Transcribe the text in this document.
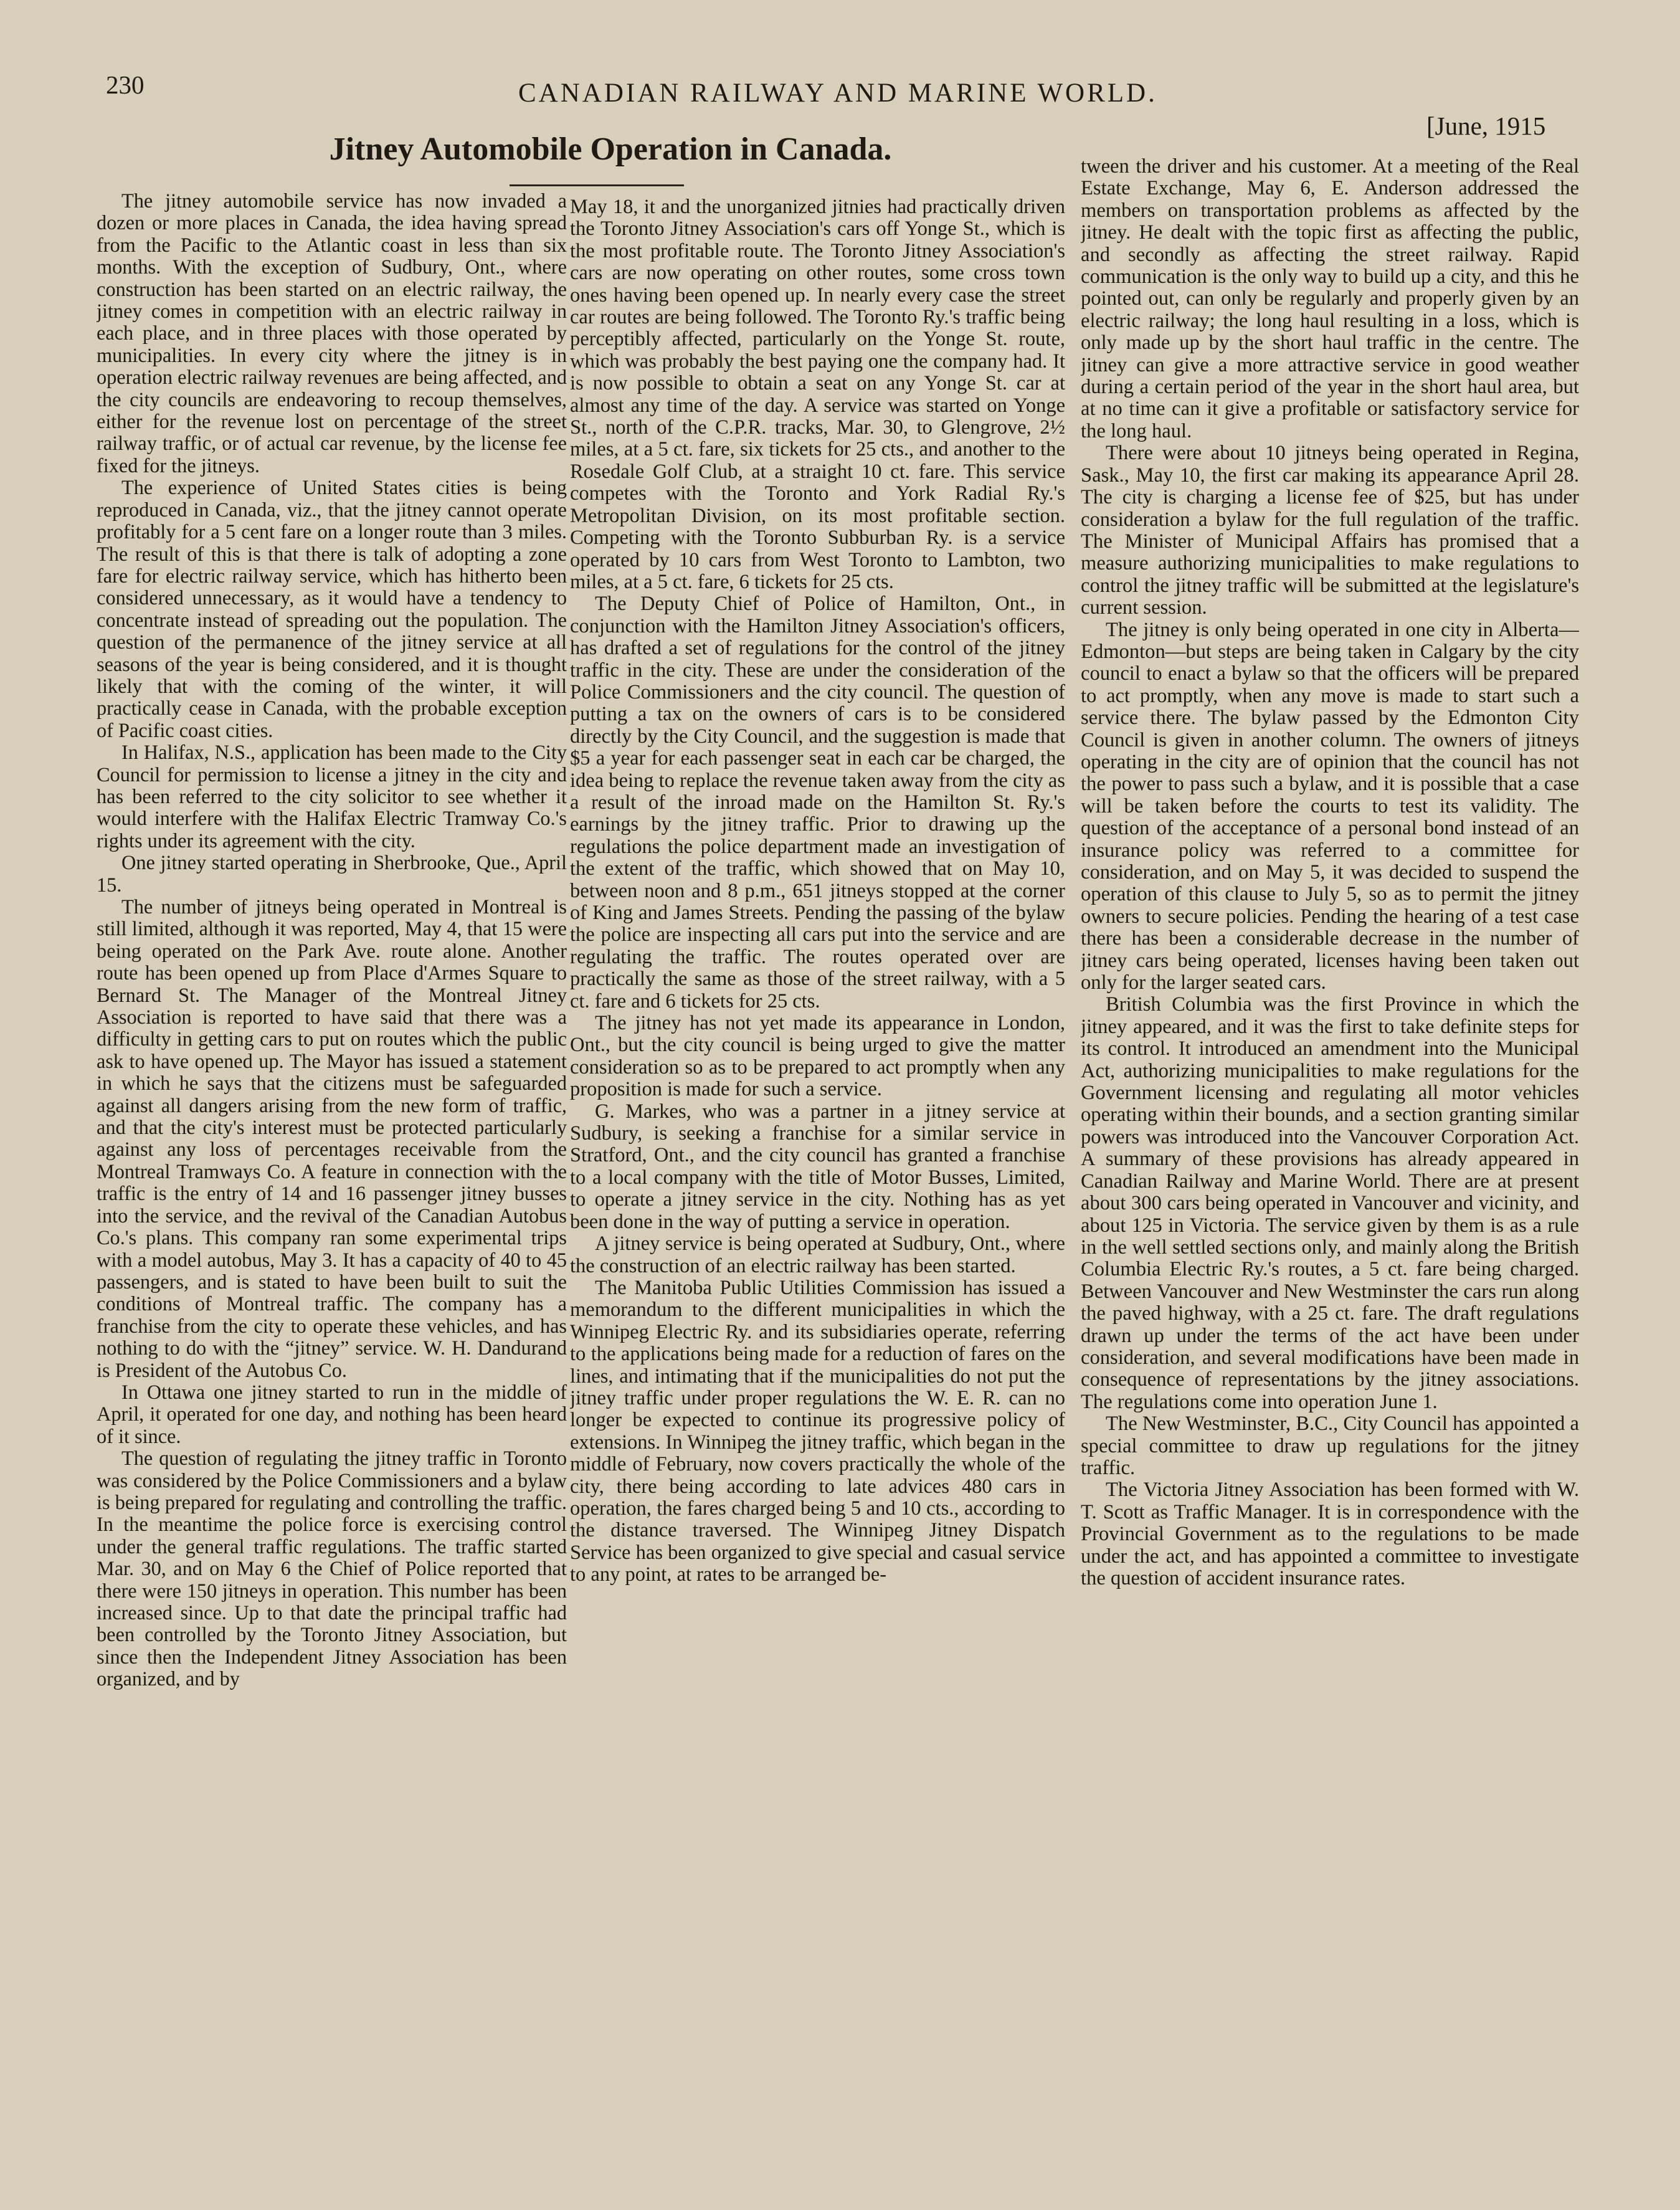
230	CANADIAN RAILWAY AND MARINE WORLD.
[June, 1915
Jitney Automobile Operation in Canada.

The jitney automobile service has now invaded a dozen or more places in Canada, the idea having spread from the Pacific to the Atlantic coast in less than six months. With the exception of Sudbury, Ont., where construction has been started on an electric railway, the jitney comes in competition with an electric railway in each place, and in three places with those operated by municipalities. In every city where the jitney is in operation electric railway revenues are being affected, and the city councils are endeavoring to recoup themselves, either for the revenue lost on percentage of the street railway traffic, or of actual car revenue, by the license fee fixed for the jitneys.

The experience of United States cities is being reproduced in Canada, viz., that the jitney cannot operate profitably for a 5 cent fare on a longer route than 3 miles. The result of this is that there is talk of adopting a zone fare for electric railway service, which has hitherto been considered unnecessary, as it would have a tendency to concentrate instead of spreading out the population. The question of the permanence of the jitney service at all seasons of the year is being considered, and it is thought likely that with the coming of the winter, it will practically cease in Canada, with the probable exception of Pacific coast cities.

In Halifax, N.S., application has been made to the City Council for permission to license a jitney in the city and has been referred to the city solicitor to see whether it would interfere with the Halifax Electric Tramway Co.'s rights under its agreement with the city.

One jitney started operating in Sherbrooke, Que., April 15.

The number of jitneys being operated in Montreal is still limited, although it was reported, May 4, that 15 were being operated on the Park Ave. route alone. Another route has been opened up from Place d'Armes Square to Bernard St. The Manager of the Montreal Jitney Association is reported to have said that there was a difficulty in getting cars to put on routes which the public ask to have opened up. The Mayor has issued a statement in which he says that the citizens must be safeguarded against all dangers arising from the new form of traffic, and that the city's interest must be protected particularly against any loss of percentages receivable from the Montreal Tramways Co. A feature in connection with the traffic is the entry of 14 and 16 passenger jitney busses into the service, and the revival of the Canadian Autobus Co.'s plans. This company ran some experimental trips with a model autobus, May 3. It has a capacity of 40 to 45 passengers, and is stated to have been built to suit the conditions of Montreal traffic. The company has a franchise from the city to operate these vehicles, and has nothing to do with the “jitney” service. W. H. Dandurand is President of the Autobus Co.

In Ottawa one jitney started to run in the middle of April, it operated for one day, and nothing has been heard of it since.

The question of regulating the jitney traffic in Toronto was considered by the Police Commissioners and a bylaw is being prepared for regulating and controlling the traffic. In the meantime the police force is exercising control under the general traffic regulations. The traffic started Mar. 30, and on May 6 the Chief of Police reported that there were 150 jitneys in operation. This number has been increased since. Up to that date the principal traffic had been controlled by the Toronto Jitney Association, but since then the Independent Jitney Association has been organized, and by

May 18, it and the unorganized jitnies had practically driven the Toronto Jitney Association's cars off Yonge St., which is the most profitable route. The Toronto Jitney Association's cars are now operating on other routes, some cross town ones having been opened up. In nearly every case the street car routes are being followed. The Toronto Ry.'s traffic being perceptibly affected, particularly on the Yonge St. route, which was probably the best paying one the company had. It is now possible to obtain a seat on any Yonge St. car at almost any time of the day. A service was started on Yonge St., north of the C.P.R. tracks, Mar. 30, to Glengrove, 2½ miles, at a 5 ct. fare, six tickets for 25 cts., and another to the Rosedale Golf Club, at a straight 10 ct. fare. This service competes with the Toronto and York Radial Ry.'s Metropolitan Division, on its most profitable section. Competing with the Toronto Subburban Ry. is a service operated by 10 cars from West Toronto to Lambton, two miles, at a 5 ct. fare, 6 tickets for 25 cts.

The Deputy Chief of Police of Hamilton, Ont., in conjunction with the Hamilton Jitney Association's officers, has drafted a set of regulations for the control of the jitney traffic in the city. These are under the consideration of the Police Commissioners and the city council. The question of putting a tax on the owners of cars is to be considered directly by the City Council, and the suggestion is made that $5 a year for each passenger seat in each car be charged, the idea being to replace the revenue taken away from the city as a result of the inroad made on the Hamilton St. Ry.'s earnings by the jitney traffic. Prior to drawing up the regulations the police department made an investigation of the extent of the traffic, which showed that on May 10, between noon and 8 p.m., 651 jitneys stopped at the corner of King and James Streets. Pending the passing of the bylaw the police are inspecting all cars put into the service and are regulating the traffic. The routes operated over are practically the same as those of the street railway, with a 5 ct. fare and 6 tickets for 25 cts.

The jitney has not yet made its appearance in London, Ont., but the city council is being urged to give the matter consideration so as to be prepared to act promptly when any proposition is made for such a service.

G. Markes, who was a partner in a jitney service at Sudbury, is seeking a franchise for a similar service in Stratford, Ont., and the city council has granted a franchise to a local company with the title of Motor Busses, Limited, to operate a jitney service in the city. Nothing has as yet been done in the way of putting a service in operation.

A jitney service is being operated at Sudbury, Ont., where the construction of an electric railway has been started.

The Manitoba Public Utilities Commission has issued a memorandum to the different municipalities in which the Winnipeg Electric Ry. and its subsidiaries operate, referring to the applications being made for a reduction of fares on the lines, and intimating that if the municipalities do not put the jitney traffic under proper regulations the W. E. R. can no longer be expected to continue its progressive policy of extensions. In Winnipeg the jitney traffic, which began in the middle of February, now covers practically the whole of the city, there being according to late advices 480 cars in operation, the fares charged being 5 and 10 cts., according to the distance traversed. The Winnipeg Jitney Dispatch Service has been organized to give special and casual service to any point, at rates to be arranged be-

tween the driver and his customer. At a meeting of the Real Estate Exchange, May 6, E. Anderson addressed the members on transportation problems as affected by the jitney. He dealt with the topic first as affecting the public, and secondly as affecting the street railway. Rapid communication is the only way to build up a city, and this he pointed out, can only be regularly and properly given by an electric railway; the long haul resulting in a loss, which is only made up by the short haul traffic in the centre. The jitney can give a more attractive service in good weather during a certain period of the year in the short haul area, but at no time can it give a profitable or satisfactory service for the long haul.

There were about 10 jitneys being operated in Regina, Sask., May 10, the first car making its appearance April 28. The city is charging a license fee of $25, but has under consideration a bylaw for the full regulation of the traffic. The Minister of Municipal Affairs has promised that a measure authorizing municipalities to make regulations to control the jitney traffic will be submitted at the legislature's current session.

The jitney is only being operated in one city in Alberta—Edmonton—but steps are being taken in Calgary by the city council to enact a bylaw so that the officers will be prepared to act promptly, when any move is made to start such a service there. The bylaw passed by the Edmonton City Council is given in another column. The owners of jitneys operating in the city are of opinion that the council has not the power to pass such a bylaw, and it is possible that a case will be taken before the courts to test its validity. The question of the acceptance of a personal bond instead of an insurance policy was referred to a committee for consideration, and on May 5, it was decided to suspend the operation of this clause to July 5, so as to permit the jitney owners to secure policies. Pending the hearing of a test case there has been a considerable decrease in the number of jitney cars being operated, licenses having been taken out only for the larger seated cars.

British Columbia was the first Province in which the jitney appeared, and it was the first to take definite steps for its control. It introduced an amendment into the Municipal Act, authorizing municipalities to make regulations for the Government licensing and regulating all motor vehicles operating within their bounds, and a section granting similar powers was introduced into the Vancouver Corporation Act. A summary of these provisions has already appeared in Canadian Railway and Marine World. There are at present about 300 cars being operated in Vancouver and vicinity, and about 125 in Victoria. The service given by them is as a rule in the well settled sections only, and mainly along the British Columbia Electric Ry.'s routes, a 5 ct. fare being charged. Between Vancouver and New Westminster the cars run along the paved highway, with a 25 ct. fare. The draft regulations drawn up under the terms of the act have been under consideration, and several modifications have been made in consequence of representations by the jitney associations. The regulations come into operation June 1.

The New Westminster, B.C., City Council has appointed a special committee to draw up regulations for the jitney traffic.

The Victoria Jitney Association has been formed with W. T. Scott as Traffic Manager. It is in correspondence with the Provincial Government as to the regulations to be made under the act, and has appointed a committee to investigate the question of accident insurance rates.
